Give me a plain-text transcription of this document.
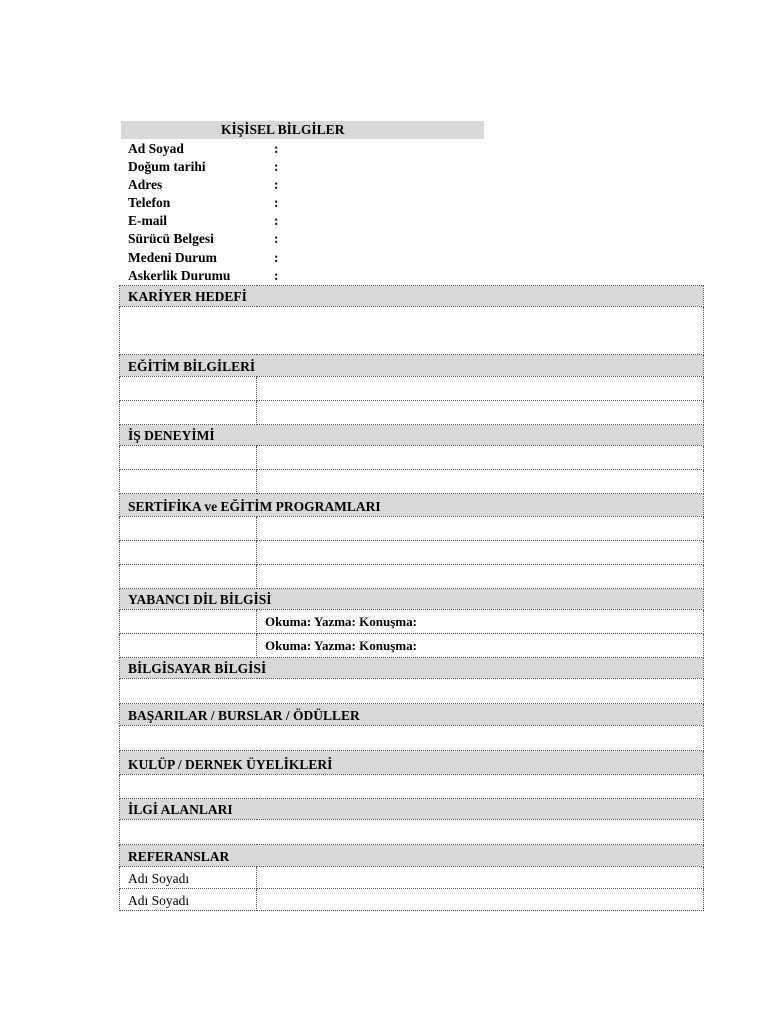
KİŞİSEL BİLGİLER
Ad Soyad	:
Doğum tarihi	:
Adres	:
Telefon	:
E-mail	:
Sürücü Belgesi	:
Medeni Durum	:
Askerlik Durumu	:
KARİYER HEDEFİ	

EĞİTİM BİLGİLERİ	

İŞ DENEYİMİ	

SERTİFİKA ve EĞİTİM PROGRAMLARI	

YABANCI DİL BİLGİSİ	
	Okuma: Yazma: Konuşma:
	Okuma: Yazma: Konuşma:
BİLGİSAYAR BİLGİSİ	

BAŞARILAR / BURSLAR / ÖDÜLLER	

KULÜP / DERNEK ÜYELİKLERİ	

İLGİ ALANLARI	

REFERANSLAR	
Adı Soyadı	
Adı Soyadı	
